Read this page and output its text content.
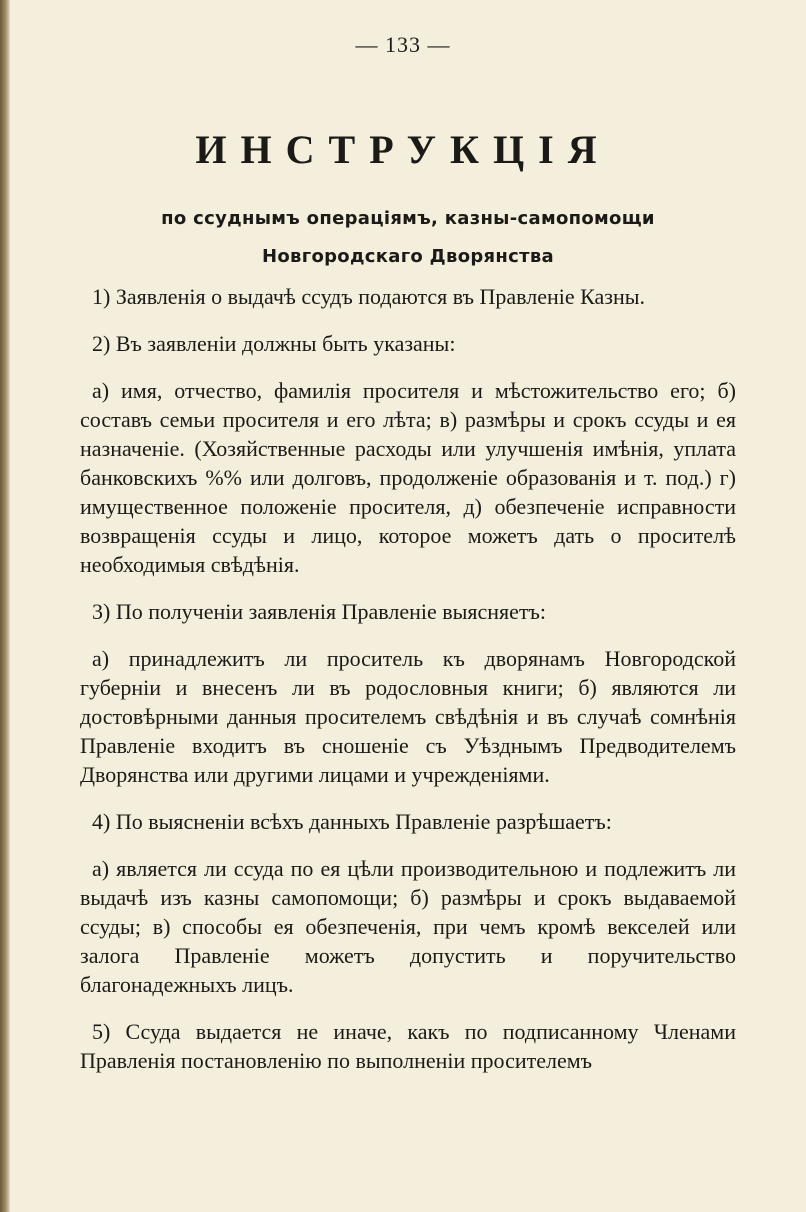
— 133 —
ИНСТРУКЦІЯ
по ссуднымъ операціямъ, казны-самопомощи Новгородскаго Дворянства

1) Заявленія о выдачѣ ссудъ подаются въ Правленіе Казны.

2) Въ заявленіи должны быть указаны:

а) имя, отчество, фамилія просителя и мѣстожительство его; б) составъ семьи просителя и его лѣта; в) размѣры и срокъ ссуды и ея назначеніе. (Хозяйственные расходы или улучшенія имѣнія, уплата банковскихъ %% или долговъ, продолженіе образованія и т. под.) г) имущественное положеніе просителя, д) обезпеченіе исправности возвращенія ссуды и лицо, которое можетъ дать о просителѣ необходимыя свѣдѣнія.

3) По полученіи заявленія Правленіе выясняетъ:

а) принадлежитъ ли проситель къ дворянамъ Новгородской губерніи и внесенъ ли въ родословныя книги; б) являются ли достовѣрными данныя просителемъ свѣдѣнія и въ случаѣ сомнѣнія Правленіе входитъ въ сношеніе съ Уѣзднымъ Предводителемъ Дворянства или другими лицами и учрежденіями.

4) По выясненіи всѣхъ данныхъ Правленіе разрѣшаетъ:

а) является ли ссуда по ея цѣли производительною и подлежитъ ли выдачѣ изъ казны самопомощи; б) размѣры и срокъ выдаваемой ссуды; в) способы ея обезпеченія, при чемъ кромѣ векселей или залога Правленіе можетъ допустить и поручительство благонадежныхъ лицъ.

5) Ссуда выдается не иначе, какъ по подписанному Членами Правленія постановленію по выполненіи просителемъ
